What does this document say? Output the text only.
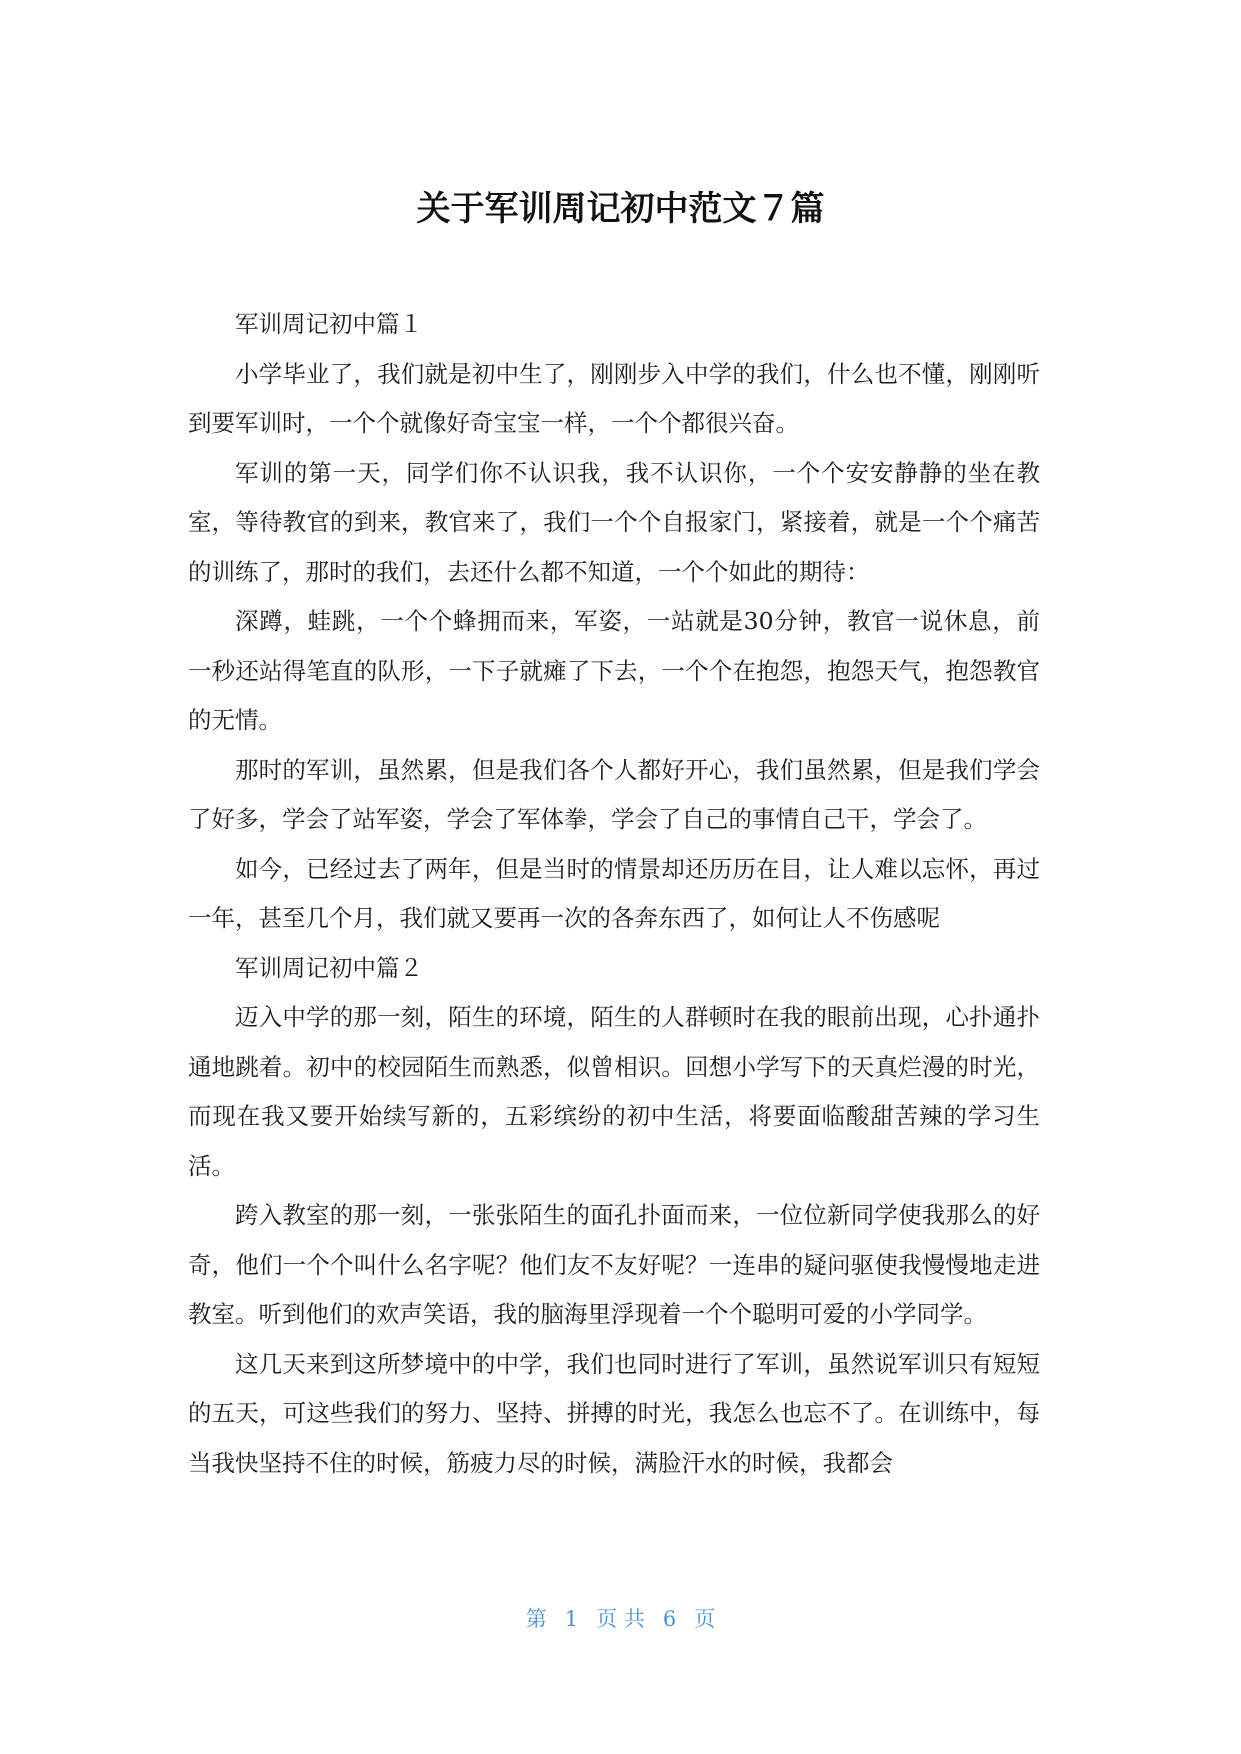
关于军训周记初中范文７篇

军训周记初中篇１

小学毕业了，我们就是初中生了，刚刚步入中学的我们，什么也不懂，刚刚听到要军训时，一个个就像好奇宝宝一样，一个个都很兴奋。

军训的第一天，同学们你不认识我，我不认识你，一个个安安静静的坐在教室，等待教官的到来，教官来了，我们一个个自报家门，紧接着，就是一个个痛苦的训练了，那时的我们，去还什么都不知道，一个个如此的期待：

深蹲，蛙跳，一个个蜂拥而来，军姿，一站就是30分钟，教官一说休息，前一秒还站得笔直的队形，一下子就瘫了下去，一个个在抱怨，抱怨天气，抱怨教官的无情。

那时的军训，虽然累，但是我们各个人都好开心，我们虽然累，但是我们学会了好多，学会了站军姿，学会了军体拳，学会了自己的事情自己干，学会了。

如今，已经过去了两年，但是当时的情景却还历历在目，让人难以忘怀，再过一年，甚至几个月，我们就又要再一次的各奔东西了，如何让人不伤感呢

军训周记初中篇２

迈入中学的那一刻，陌生的环境，陌生的人群顿时在我的眼前出现，心扑通扑通地跳着。初中的校园陌生而熟悉，似曾相识。回想小学写下的天真烂漫的时光，而现在我又要开始续写新的，五彩缤纷的初中生活，将要面临酸甜苦辣的学习生活。

跨入教室的那一刻，一张张陌生的面孔扑面而来，一位位新同学使我那么的好奇，他们一个个叫什么名字呢？他们友不友好呢？一连串的疑问驱使我慢慢地走进教室。听到他们的欢声笑语，我的脑海里浮现着一个个聪明可爱的小学同学。

这几天来到这所梦境中的中学，我们也同时进行了军训，虽然说军训只有短短的五天，可这些我们的努力、坚持、拼搏的时光，我怎么也忘不了。在训练中，每当我快坚持不住的时候，筋疲力尽的时候，满脸汗水的时候，我都会

第 1 页 共 6 页
